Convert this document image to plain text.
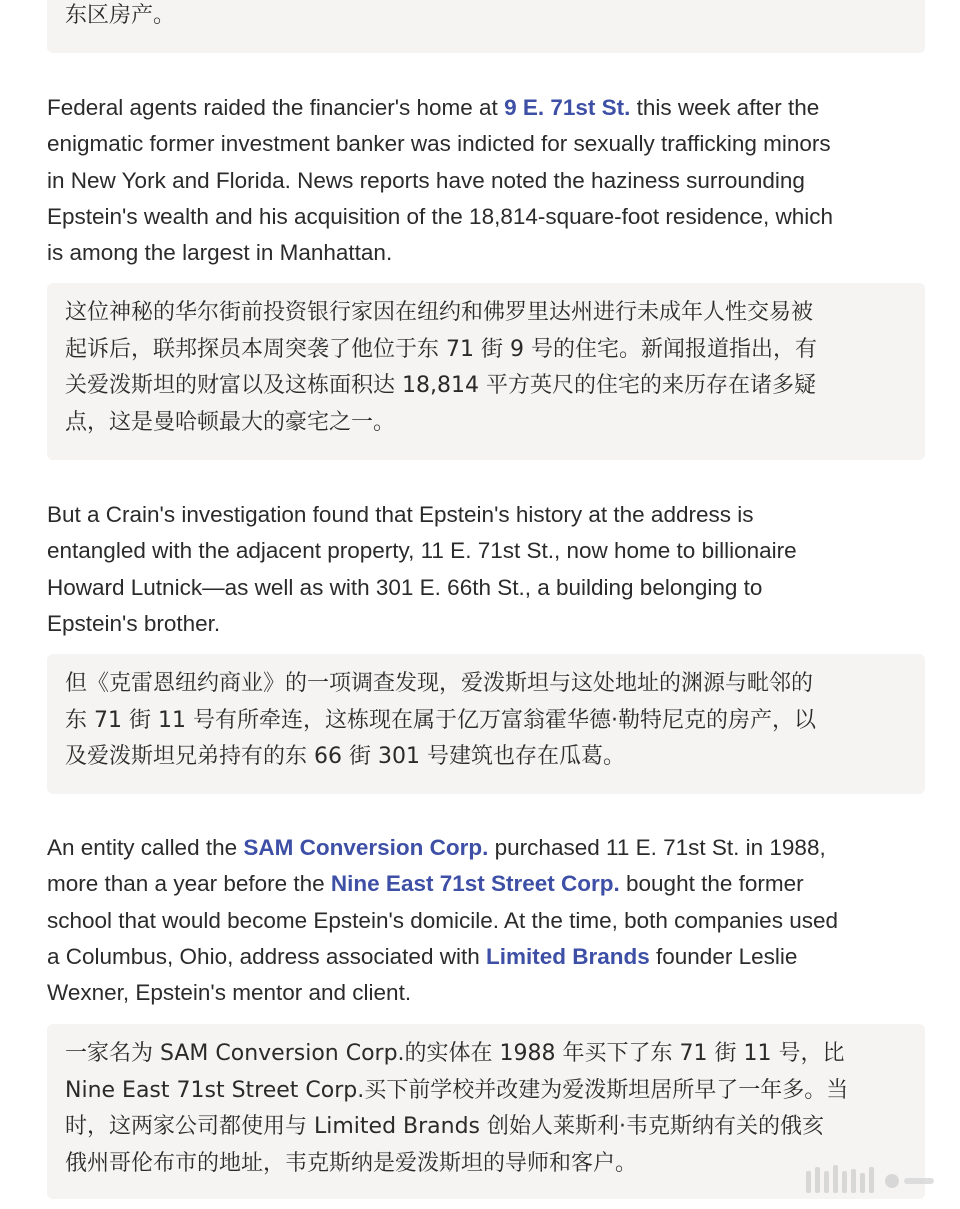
东区房产。
Federal agents raided the financier's home at 9 E. 71st St. this week after the
enigmatic former investment banker was indicted for sexually trafficking minors
in New York and Florida. News reports have noted the haziness surrounding
Epstein's wealth and his acquisition of the 18,814-square-foot residence, which
is among the largest in Manhattan.
这位神秘的华尔街前投资银行家因在纽约和佛罗里达州进行未成年人性交易被
起诉后，联邦探员本周突袭了他位于东 71 街 9 号的住宅。新闻报道指出，有
关爱泼斯坦的财富以及这栋面积达 18,814 平方英尺的住宅的来历存在诸多疑
点，这是曼哈顿最大的豪宅之一。
But a Crain's investigation found that Epstein's history at the address is
entangled with the adjacent property, 11 E. 71st St., now home to billionaire
Howard Lutnick—as well as with 301 E. 66th St., a building belonging to
Epstein's brother.
但《克雷恩纽约商业》的一项调查发现，爱泼斯坦与这处地址的渊源与毗邻的
东 71 街 11 号有所牵连，这栋现在属于亿万富翁霍华德·勒特尼克的房产，以
及爱泼斯坦兄弟持有的东 66 街 301 号建筑也存在瓜葛。
An entity called the SAM Conversion Corp. purchased 11 E. 71st St. in 1988,
more than a year before the Nine East 71st Street Corp. bought the former
school that would become Epstein's domicile. At the time, both companies used
a Columbus, Ohio, address associated with Limited Brands founder Leslie
Wexner, Epstein's mentor and client.
一家名为 SAM Conversion Corp.的实体在 1988 年买下了东 71 街 11 号，比
Nine East 71st Street Corp.买下前学校并改建为爱泼斯坦居所早了一年多。当
时，这两家公司都使用与 Limited Brands 创始人莱斯利·韦克斯纳有关的俄亥
俄州哥伦布市的地址，韦克斯纳是爱泼斯坦的导师和客户。
